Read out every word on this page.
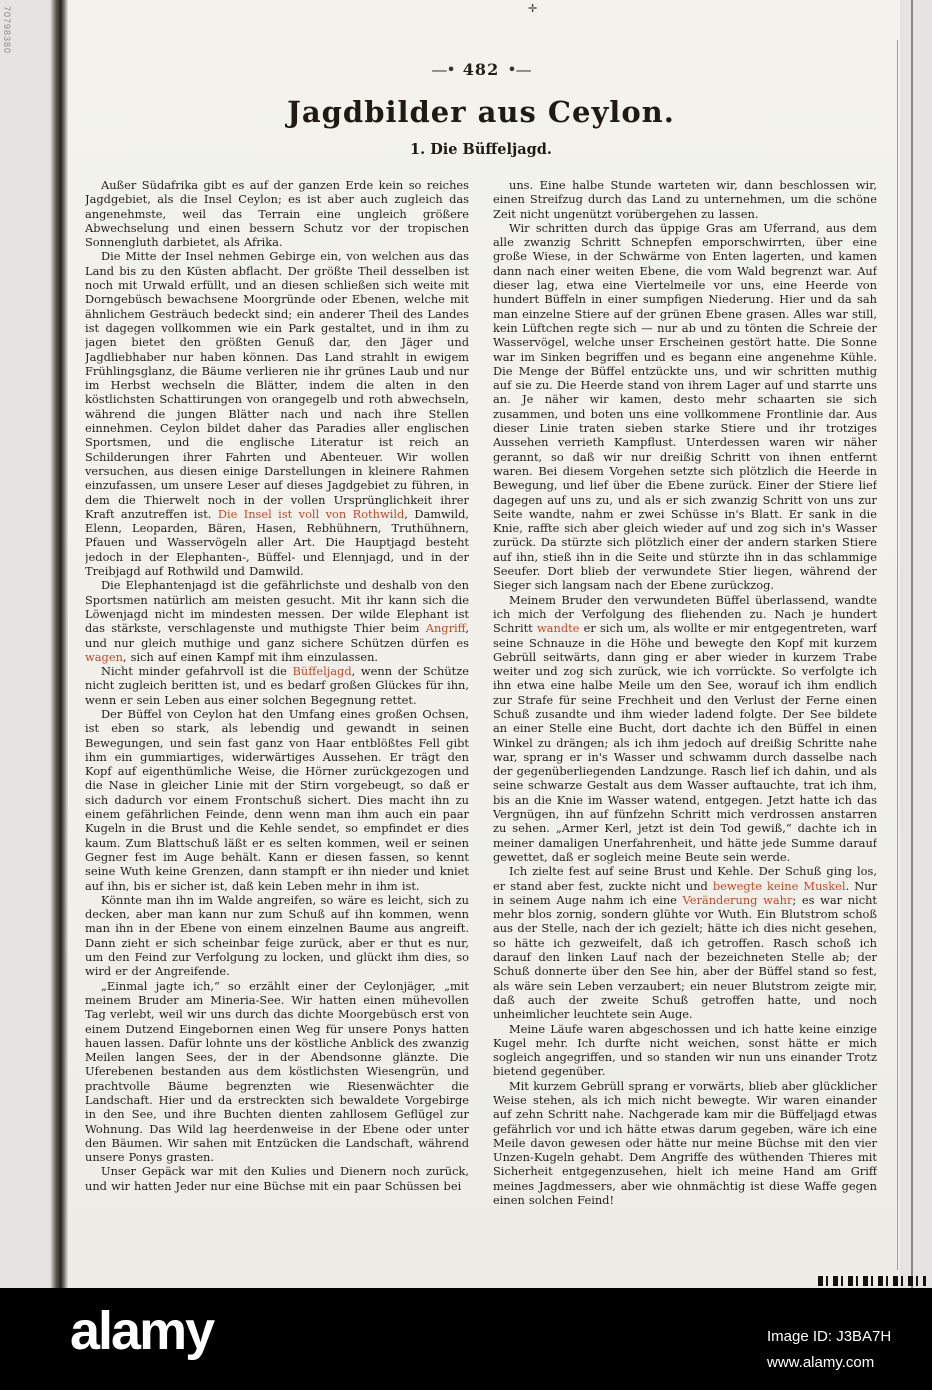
70798380	✛
—• 482 •—
Jagdbilder aus Ceylon.
1. Die Büffeljagd.

Außer Südafrika gibt es auf der ganzen Erde kein so reiches Jagdgebiet, als die Insel Ceylon; es ist aber auch zugleich das angenehmste, weil das Terrain eine ungleich größere Abwechselung und einen bessern Schutz vor der tropischen Sonnengluth darbietet, als Afrika.

Die Mitte der Insel nehmen Gebirge ein, von welchen aus das Land bis zu den Küsten abflacht. Der größte Theil desselben ist noch mit Urwald erfüllt, und an diesen schließen sich weite mit Dorngebüsch bewachsene Moorgründe oder Ebenen, welche mit ähnlichem Gesträuch bedeckt sind; ein anderer Theil des Landes ist dagegen vollkommen wie ein Park gestaltet, und in ihm zu jagen bietet den größten Genuß dar, den Jäger und Jagdliebhaber nur haben können. Das Land strahlt in ewigem Frühlingsglanz, die Bäume verlieren nie ihr grünes Laub und nur im Herbst wechseln die Blätter, indem die alten in den köstlichsten Schattirungen von orangegelb und roth abwechseln, während die jungen Blätter nach und nach ihre Stellen einnehmen. Ceylon bildet daher das Paradies aller englischen Sportsmen, und die englische Literatur ist reich an Schilderungen ihrer Fahrten und Abenteuer. Wir wollen versuchen, aus diesen einige Darstellungen in kleinere Rahmen einzufassen, um unsere Leser auf dieses Jagdgebiet zu führen, in dem die Thierwelt noch in der vollen Ursprünglichkeit ihrer Kraft anzutreffen ist. Die Insel ist voll von Rothwild, Damwild, Elenn, Leoparden, Bären, Hasen, Rebhühnern, Truthühnern, Pfauen und Wasservögeln aller Art. Die Hauptjagd besteht jedoch in der Elephanten-, Büffel- und Elennjagd, und in der Treibjagd auf Rothwild und Damwild.

Die Elephantenjagd ist die gefährlichste und deshalb von den Sportsmen natürlich am meisten gesucht. Mit ihr kann sich die Löwenjagd nicht im mindesten messen. Der wilde Elephant ist das stärkste, verschlagenste und muthigste Thier beim Angriff, und nur gleich muthige und ganz sichere Schützen dürfen es wagen, sich auf einen Kampf mit ihm einzulassen.

Nicht minder gefahrvoll ist die Büffeljagd, wenn der Schütze nicht zugleich beritten ist, und es bedarf großen Glückes für ihn, wenn er sein Leben aus einer solchen Begegnung rettet.

Der Büffel von Ceylon hat den Umfang eines großen Ochsen, ist eben so stark, als lebendig und gewandt in seinen Bewegungen, und sein fast ganz von Haar entblößtes Fell gibt ihm ein gummiartiges, widerwärtiges Aussehen. Er trägt den Kopf auf eigenthümliche Weise, die Hörner zurückgezogen und die Nase in gleicher Linie mit der Stirn vorgebeugt, so daß er sich dadurch vor einem Frontschuß sichert. Dies macht ihn zu einem gefährlichen Feinde, denn wenn man ihm auch ein paar Kugeln in die Brust und die Kehle sendet, so empfindet er dies kaum. Zum Blattschuß läßt er es selten kommen, weil er seinen Gegner fest im Auge behält. Kann er diesen fassen, so kennt seine Wuth keine Grenzen, dann stampft er ihn nieder und kniet auf ihn, bis er sicher ist, daß kein Leben mehr in ihm ist.

Könnte man ihn im Walde angreifen, so wäre es leicht, sich zu decken, aber man kann nur zum Schuß auf ihn kommen, wenn man ihn in der Ebene von einem einzelnen Baume aus angreift. Dann zieht er sich scheinbar feige zurück, aber er thut es nur, um den Feind zur Verfolgung zu locken, und glückt ihm dies, so wird er der Angreifende.

„Einmal jagte ich,“ so erzählt einer der Ceylonjäger, „mit meinem Bruder am Mineria-See. Wir hatten einen mühevollen Tag verlebt, weil wir uns durch das dichte Moorgebüsch erst von einem Dutzend Eingebornen einen Weg für unsere Ponys hatten hauen lassen. Dafür lohnte uns der köstliche Anblick des zwanzig Meilen langen Sees, der in der Abendsonne glänzte. Die Uferebenen bestanden aus dem köstlichsten Wiesengrün, und prachtvolle Bäume begrenzten wie Riesenwächter die Landschaft. Hier und da erstreckten sich bewaldete Vorgebirge in den See, und ihre Buchten dienten zahllosem Geflügel zur Wohnung. Das Wild lag heerdenweise in der Ebene oder unter den Bäumen. Wir sahen mit Entzücken die Landschaft, während unsere Ponys grasten.

Unser Gepäck war mit den Kulies und Dienern noch zurück, und wir hatten Jeder nur eine Büchse mit ein paar Schüssen bei

uns. Eine halbe Stunde warteten wir, dann beschlossen wir, einen Streifzug durch das Land zu unternehmen, um die schöne Zeit nicht ungenützt vorübergehen zu lassen.

Wir schritten durch das üppige Gras am Uferrand, aus dem alle zwanzig Schritt Schnepfen emporschwirrten, über eine große Wiese, in der Schwärme von Enten lagerten, und kamen dann nach einer weiten Ebene, die vom Wald begrenzt war. Auf dieser lag, etwa eine Viertelmeile vor uns, eine Heerde von hundert Büffeln in einer sumpfigen Niederung. Hier und da sah man einzelne Stiere auf der grünen Ebene grasen. Alles war still, kein Lüftchen regte sich — nur ab und zu tönten die Schreie der Wasservögel, welche unser Erscheinen gestört hatte. Die Sonne war im Sinken begriffen und es begann eine angenehme Kühle. Die Menge der Büffel entzückte uns, und wir schritten muthig auf sie zu. Die Heerde stand von ihrem Lager auf und starrte uns an. Je näher wir kamen, desto mehr schaarten sie sich zusammen, und boten uns eine vollkommene Frontlinie dar. Aus dieser Linie traten sieben starke Stiere und ihr trotziges Aussehen verrieth Kampflust. Unterdessen waren wir näher gerannt, so daß wir nur dreißig Schritt von ihnen entfernt waren. Bei diesem Vorgehen setzte sich plötzlich die Heerde in Bewegung, und lief über die Ebene zurück. Einer der Stiere lief dagegen auf uns zu, und als er sich zwanzig Schritt von uns zur Seite wandte, nahm er zwei Schüsse in's Blatt. Er sank in die Knie, raffte sich aber gleich wieder auf und zog sich in's Wasser zurück. Da stürzte sich plötzlich einer der andern starken Stiere auf ihn, stieß ihn in die Seite und stürzte ihn in das schlammige Seeufer. Dort blieb der verwundete Stier liegen, während der Sieger sich langsam nach der Ebene zurückzog.

Meinem Bruder den verwundeten Büffel überlassend, wandte ich mich der Verfolgung des fliehenden zu. Nach je hundert Schritt wandte er sich um, als wollte er mir entgegentreten, warf seine Schnauze in die Höhe und bewegte den Kopf mit kurzem Gebrüll seitwärts, dann ging er aber wieder in kurzem Trabe weiter und zog sich zurück, wie ich vorrückte. So verfolgte ich ihn etwa eine halbe Meile um den See, worauf ich ihm endlich zur Strafe für seine Frechheit und den Verlust der Ferne einen Schuß zusandte und ihm wieder ladend folgte. Der See bildete an einer Stelle eine Bucht, dort dachte ich den Büffel in einen Winkel zu drängen; als ich ihm jedoch auf dreißig Schritte nahe war, sprang er in's Wasser und schwamm durch dasselbe nach der gegenüberliegenden Landzunge. Rasch lief ich dahin, und als seine schwarze Gestalt aus dem Wasser auftauchte, trat ich ihm, bis an die Knie im Wasser watend, entgegen. Jetzt hatte ich das Vergnügen, ihn auf fünfzehn Schritt mich verdrossen anstarren zu sehen. „Armer Kerl, jetzt ist dein Tod gewiß,“ dachte ich in meiner damaligen Unerfahrenheit, und hätte jede Summe darauf gewettet, daß er sogleich meine Beute sein werde.

Ich zielte fest auf seine Brust und Kehle. Der Schuß ging los, er stand aber fest, zuckte nicht und bewegte keine Muskel. Nur in seinem Auge nahm ich eine Veränderung wahr; es war nicht mehr blos zornig, sondern glühte vor Wuth. Ein Blutstrom schoß aus der Stelle, nach der ich gezielt; hätte ich dies nicht gesehen, so hätte ich gezweifelt, daß ich getroffen. Rasch schoß ich darauf den linken Lauf nach der bezeichneten Stelle ab; der Schuß donnerte über den See hin, aber der Büffel stand so fest, als wäre sein Leben verzaubert; ein neuer Blutstrom zeigte mir, daß auch der zweite Schuß getroffen hatte, und noch unheimlicher leuchtete sein Auge.

Meine Läufe waren abgeschossen und ich hatte keine einzige Kugel mehr. Ich durfte nicht weichen, sonst hätte er mich sogleich angegriffen, und so standen wir nun uns einander Trotz bietend gegenüber.

Mit kurzem Gebrüll sprang er vorwärts, blieb aber glücklicher Weise stehen, als ich mich nicht bewegte. Wir waren einander auf zehn Schritt nahe. Nachgerade kam mir die Büffeljagd etwas gefährlich vor und ich hätte etwas darum gegeben, wäre ich eine Meile davon gewesen oder hätte nur meine Büchse mit den vier Unzen-Kugeln gehabt. Dem Angriffe des wüthenden Thieres mit Sicherheit entgegenzusehen, hielt ich meine Hand am Griff meines Jagdmessers, aber wie ohnmächtig ist diese Waffe gegen einen solchen Feind!

alamy	Image ID: J3BA7H
www.alamy.com
